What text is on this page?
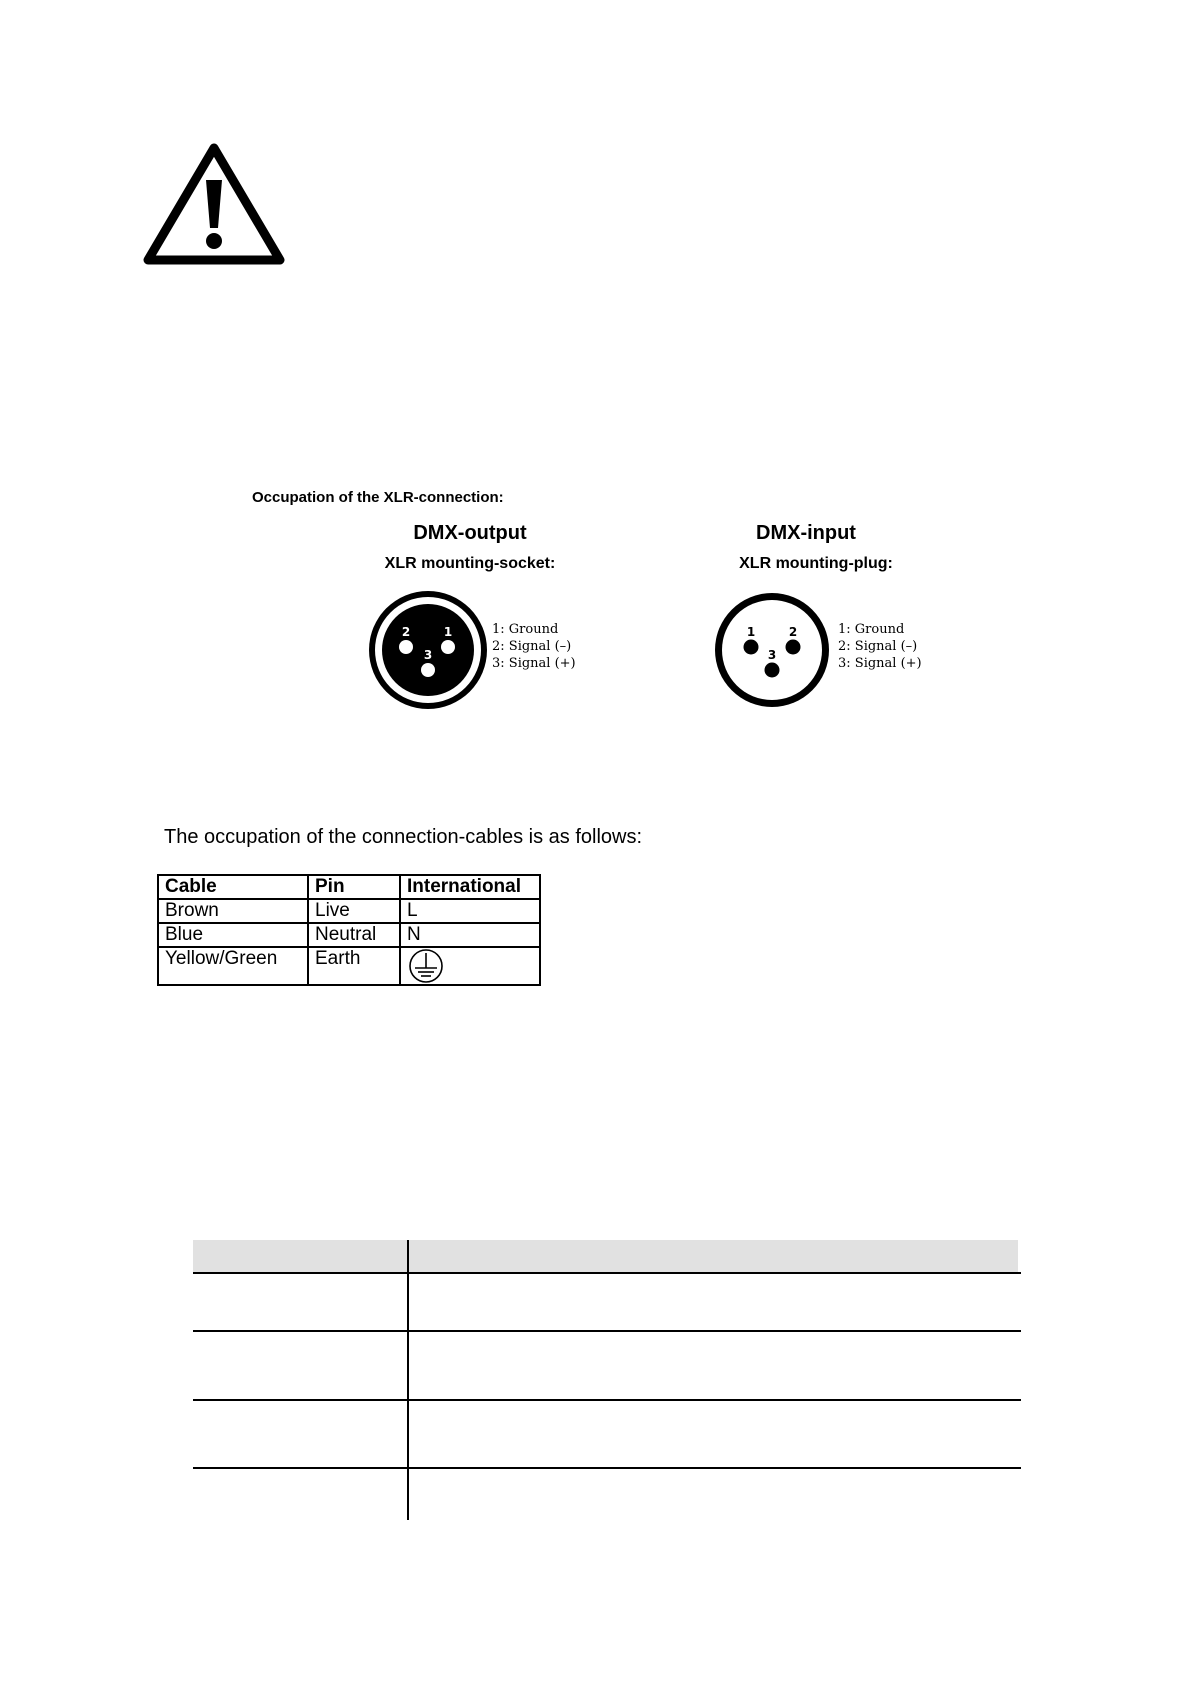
Occupation of the XLR-connection:
DMX-output
XLR mounting-socket:
DMX-input
XLR mounting-plug:
2	1
3
1: Ground
2: Signal (–)
3: Signal (+)
1	2
3
1: Ground
2: Signal (–)
3: Signal (+)
The occupation of the connection-cables is as follows:
Cable	Pin	International
Brown	Live	L
Blue	Neutral	N
Yellow/Green	Earth	
